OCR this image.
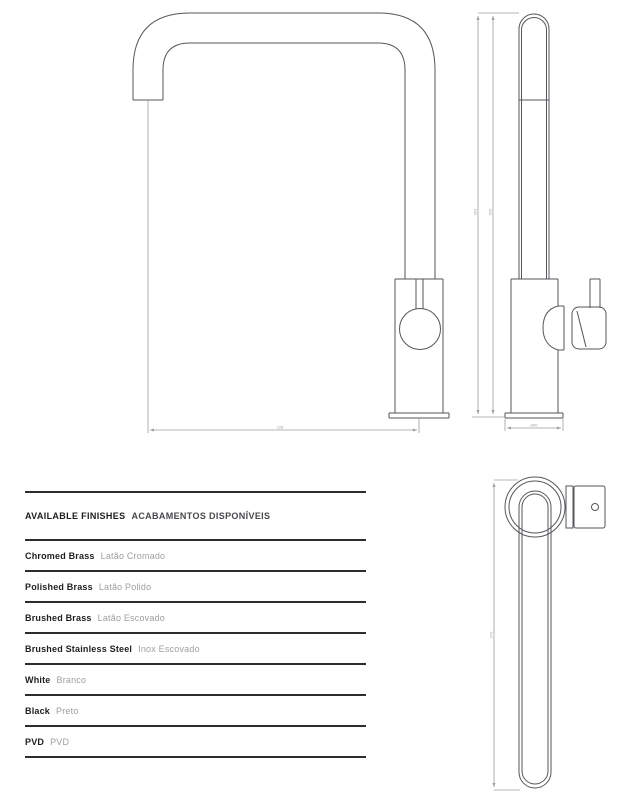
228
353	325
ø50
270
AVAILABLE FINISHES ACABAMENTOS DISPONÍVEIS
Chromed Brass Latão Cromado
Polished Brass Latão Polido
Brushed Brass Latão Escovado
Brushed Stainless Steel Inox Escovado
White Branco
Black Preto
PVD PVD
